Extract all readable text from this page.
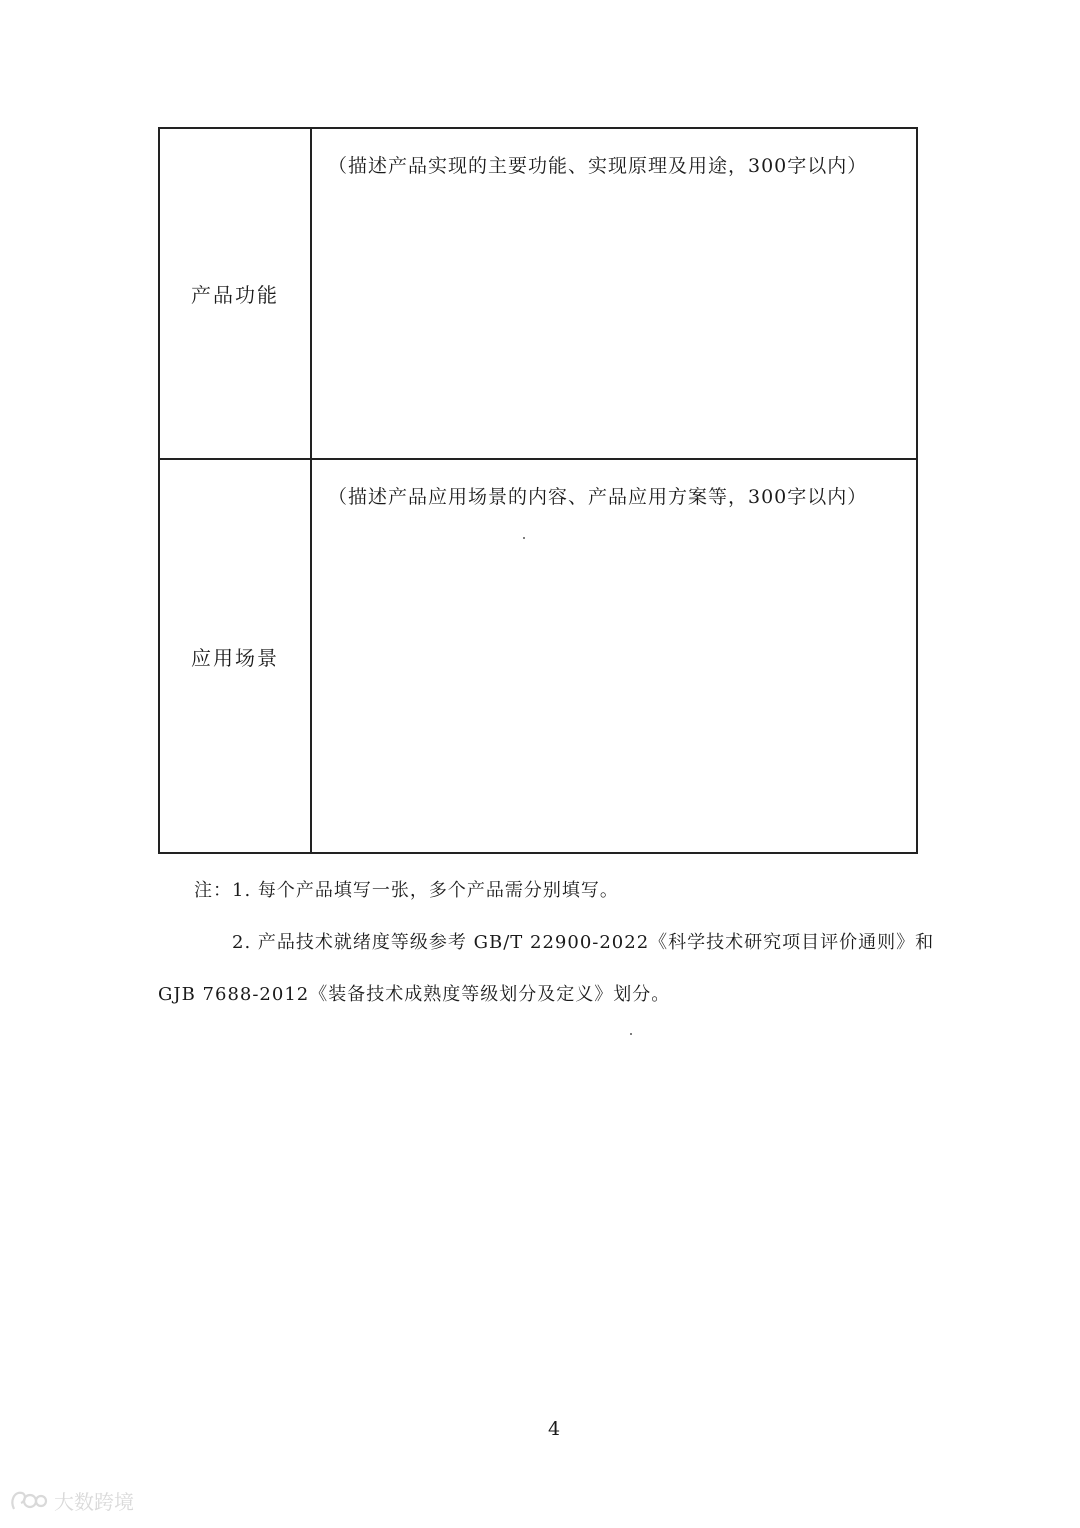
产品功能
（描述产品实现的主要功能、实现原理及用途，300字以内）
应用场景
（描述产品应用场景的内容、产品应用方案等，300字以内）
注：1. 每个产品填写一张，多个产品需分别填写。
2. 产品技术就绪度等级参考 GB/T 22900-2022《科学技术研究项目评价通则》和
GJB 7688-2012《装备技术成熟度等级划分及定义》划分。
4
大数跨境
